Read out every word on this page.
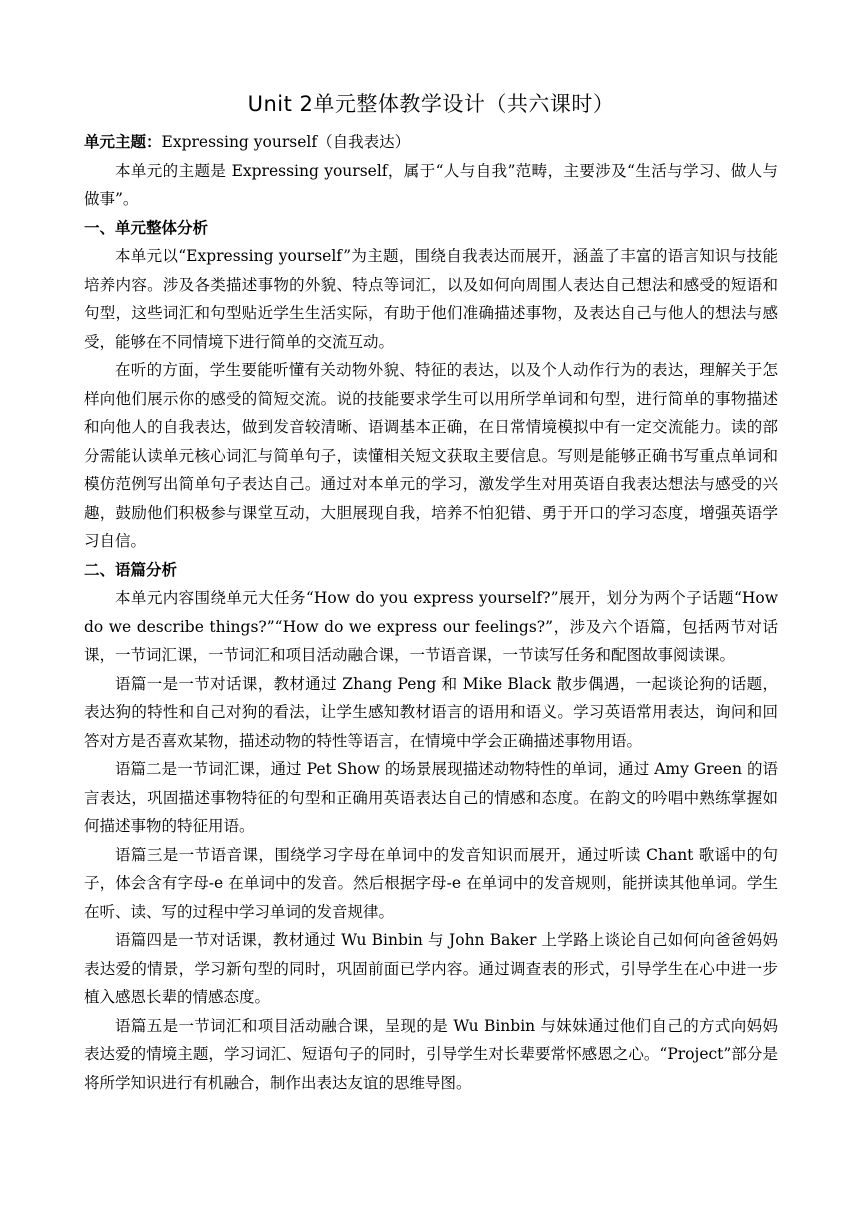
Unit 2单元整体教学设计（共六课时）
单元主题：Expressing yourself（自我表达）

本单元的主题是 Expressing yourself，属于“人与自我”范畴，主要涉及“生活与学习、做人与做事”。

一、单元整体分析

本单元以“Expressing yourself”为主题，围绕自我表达而展开，涵盖了丰富的语言知识与技能培养内容。涉及各类描述事物的外貌、特点等词汇，以及如何向周围人表达自己想法和感受的短语和句型，这些词汇和句型贴近学生生活实际，有助于他们准确描述事物，及表达自己与他人的想法与感受，能够在不同情境下进行简单的交流互动。

在听的方面，学生要能听懂有关动物外貌、特征的表达，以及个人动作行为的表达，理解关于怎样向他们展示你的感受的简短交流。说的技能要求学生可以用所学单词和句型，进行简单的事物描述和向他人的自我表达，做到发音较清晰、语调基本正确，在日常情境模拟中有一定交流能力。读的部分需能认读单元核心词汇与简单句子，读懂相关短文获取主要信息。写则是能够正确书写重点单词和模仿范例写出简单句子表达自己。通过对本单元的学习，激发学生对用英语自我表达想法与感受的兴趣，鼓励他们积极参与课堂互动，大胆展现自我，培养不怕犯错、勇于开口的学习态度，增强英语学习自信。

二、语篇分析

本单元内容围绕单元大任务“How do you express yourself?”展开，划分为两个子话题“How do we describe things?”“How do we express our feelings?”，涉及六个语篇，包括两节对话课，一节词汇课，一节词汇和项目活动融合课，一节语音课，一节读写任务和配图故事阅读课。

语篇一是一节对话课，教材通过 Zhang Peng 和 Mike Black 散步偶遇，一起谈论狗的话题，表达狗的特性和自己对狗的看法，让学生感知教材语言的语用和语义。学习英语常用表达，询问和回答对方是否喜欢某物，描述动物的特性等语言，在情境中学会正确描述事物用语。

语篇二是一节词汇课，通过 Pet Show 的场景展现描述动物特性的单词，通过 Amy Green 的语言表达，巩固描述事物特征的句型和正确用英语表达自己的情感和态度。在韵文的吟唱中熟练掌握如何描述事物的特征用语。

语篇三是一节语音课，围绕学习字母在单词中的发音知识而展开，通过听读 Chant 歌谣中的句子，体会含有字母-e 在单词中的发音。然后根据字母-e 在单词中的发音规则，能拼读其他单词。学生在听、读、写的过程中学习单词的发音规律。

语篇四是一节对话课，教材通过 Wu Binbin 与 John Baker 上学路上谈论自己如何向爸爸妈妈表达爱的情景，学习新句型的同时，巩固前面已学内容。通过调查表的形式，引导学生在心中进一步植入感恩长辈的情感态度。

语篇五是一节词汇和项目活动融合课，呈现的是 Wu Binbin 与妹妹通过他们自己的方式向妈妈表达爱的情境主题，学习词汇、短语句子的同时，引导学生对长辈要常怀感恩之心。“Project”部分是将所学知识进行有机融合，制作出表达友谊的思维导图。
